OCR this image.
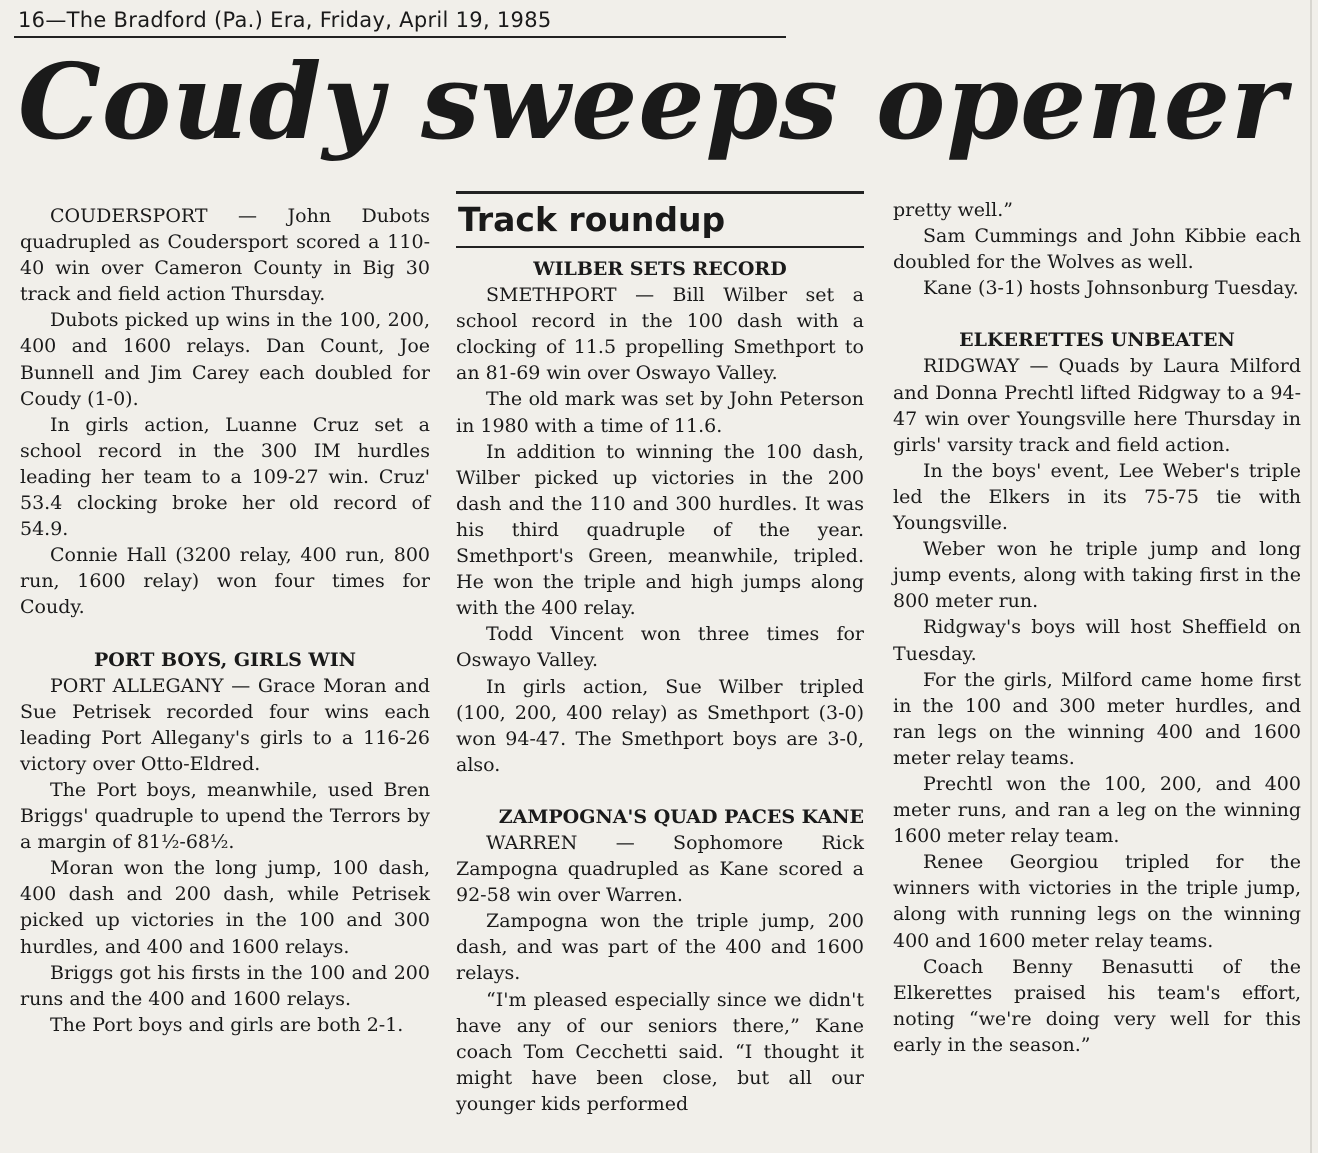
16—The Bradford (Pa.) Era, Friday, April 19, 1985
Coudy sweeps opener

COUDERSPORT — John Dubots quadrupled as Coudersport scored a 110-40 win over Cameron County in Big 30 track and field action Thursday.

Dubots picked up wins in the 100, 200, 400 and 1600 relays. Dan Count, Joe Bunnell and Jim Carey each doubled for Coudy (1-0).

In girls action, Luanne Cruz set a school record in the 300 IM hurdles leading her team to a 109-27 win. Cruz' 53.4 clocking broke her old record of 54.9.

Connie Hall (3200 relay, 400 run, 800 run, 1600 relay) won four times for Coudy.

PORT BOYS, GIRLS WIN

PORT ALLEGANY — Grace Moran and Sue Petrisek recorded four wins each leading Port Allegany's girls to a 116-26 victory over Otto-Eldred.

The Port boys, meanwhile, used Bren Briggs' quadruple to upend the Terrors by a margin of 81½-68½.

Moran won the long jump, 100 dash, 400 dash and 200 dash, while Petrisek picked up victories in the 100 and 300 hurdles, and 400 and 1600 relays.

Briggs got his firsts in the 100 and 200 runs and the 400 and 1600 relays.

The Port boys and girls are both 2-1.

Track roundup
WILBER SETS RECORD

SMETHPORT — Bill Wilber set a school record in the 100 dash with a clocking of 11.5 propelling Smethport to an 81-69 win over Oswayo Valley.

The old mark was set by John Peterson in 1980 with a time of 11.6.

In addition to winning the 100 dash, Wilber picked up victories in the 200 dash and the 110 and 300 hurdles. It was his third quadruple of the year. Smethport's Green, meanwhile, tripled. He won the triple and high jumps along with the 400 relay.

Todd Vincent won three times for Oswayo Valley.

In girls action, Sue Wilber tripled (100, 200, 400 relay) as Smethport (3-0) won 94-47. The Smethport boys are 3-0, also.

ZAMPOGNA'S QUAD PACES KANE

WARREN — Sophomore Rick Zampogna quadrupled as Kane scored a 92-58 win over Warren.

Zampogna won the triple jump, 200 dash, and was part of the 400 and 1600 relays.

“I'm pleased especially since we didn't have any of our seniors there,” Kane coach Tom Cecchetti said. “I thought it might have been close, but all our younger kids performed

pretty well.”

Sam Cummings and John Kibbie each doubled for the Wolves as well.

Kane (3-1) hosts Johnsonburg Tuesday.

ELKERETTES UNBEATEN

RIDGWAY — Quads by Laura Milford and Donna Prechtl lifted Ridgway to a 94-47 win over Youngsville here Thursday in girls' varsity track and field action.

In the boys' event, Lee Weber's triple led the Elkers in its 75-75 tie with Youngsville.

Weber won he triple jump and long jump events, along with taking first in the 800 meter run.

Ridgway's boys will host Sheffield on Tuesday.

For the girls, Milford came home first in the 100 and 300 meter hurdles, and ran legs on the winning 400 and 1600 meter relay teams.

Prechtl won the 100, 200, and 400 meter runs, and ran a leg on the winning 1600 meter relay team.

Renee Georgiou tripled for the winners with victories in the triple jump, along with running legs on the winning 400 and 1600 meter relay teams.

Coach Benny Benasutti of the Elkerettes praised his team's effort, noting “we're doing very well for this early in the season.”
